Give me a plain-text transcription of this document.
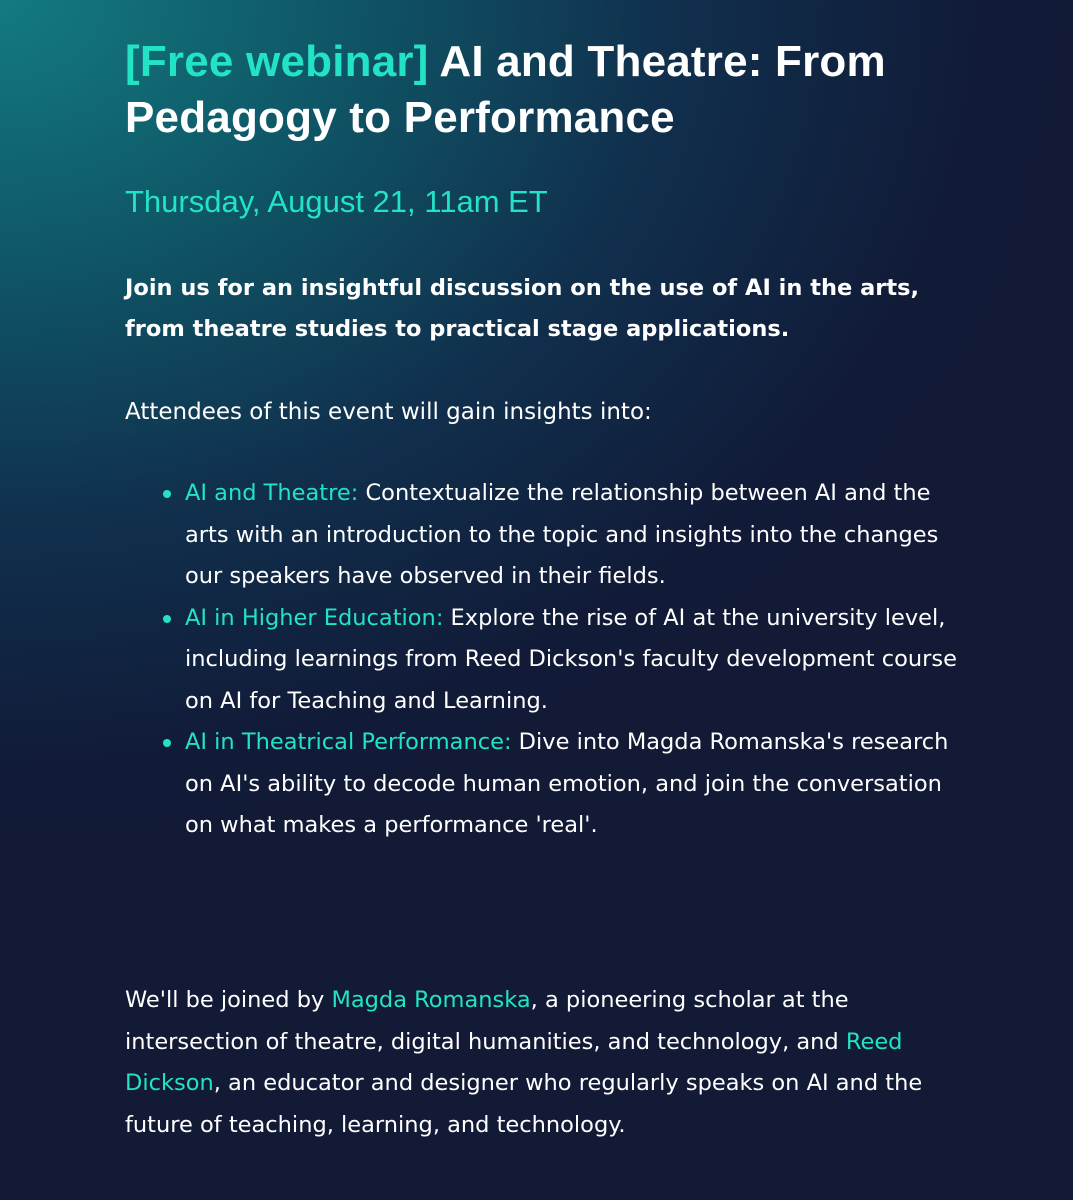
[Free webinar] AI and Theatre: From Pedagogy to Performance

Thursday, August 21, 11am ET

Join us for an insightful discussion on the use of AI in the arts, from theatre studies to practical stage applications.

Attendees of this event will gain insights into:

AI and Theatre: Contextualize the relationship between AI and the arts with an introduction to the topic and insights into the changes our speakers have observed in their fields.
AI in Higher Education: Explore the rise of AI at the university level, including learnings from Reed Dickson's faculty development course on AI for Teaching and Learning.
AI in Theatrical Performance: Dive into Magda Romanska's research on AI's ability to decode human emotion, and join the conversation on what makes a performance 'real'.

We'll be joined by Magda Romanska, a pioneering scholar at the intersection of theatre, digital humanities, and technology, and Reed Dickson, an educator and designer who regularly speaks on AI and the future of teaching, learning, and technology.
